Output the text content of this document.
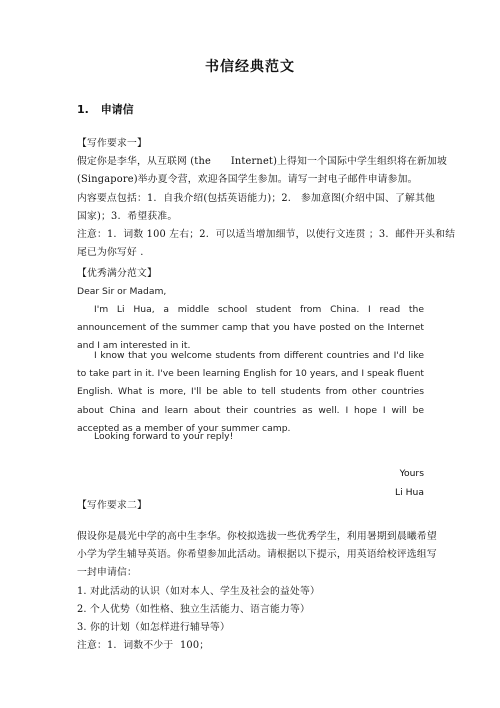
书信经典范文
1. 申请信
【写作要求一】
假定你是李华，从互联网 (the      Internet)上得知一个国际中学生组织将在新加坡
(Singapore)举办夏令营，欢迎各国学生参加。请写一封电子邮件申请参加。
内容要点包括：1.  自我介绍(包括英语能力)；2.   参加意图(介绍中国、了解其他
国家)；3.  希望获准。
注意：1.  词数 100 左右；2.  可以适当增加细节，以使行文连贯 ；3.  邮件开头和结
尾已为你写好 .
【优秀满分范文】
Dear Sir or Madam,
I'm Li Hua, a middle school student from China. I read the announcement of the summer camp that you have posted on the Internet and I am interested in it.
I know that you welcome students from different countries and I'd like to take part in it. I've been learning English for 10 years, and I speak fluent English. What is more, I'll be able to tell students from other countries about China and learn about their countries as well. I hope I will be accepted as a member of your summer camp.
Looking forward to your reply!
Yours
Li Hua
【写作要求二】
假设你是晨光中学的高中生李华。你校拟选拔一些优秀学生，利用暑期到晨曦希望
小学为学生辅导英语。你希望参加此活动。请根据以下提示，用英语给校评选组写
一封申请信：
1. 对此活动的认识（如对本人、学生及社会的益处等）
2. 个人优势（如性格、独立生活能力、语言能力等）
3. 你的计划（如怎样进行辅导等）
注意：1.  词数不少于  100；
